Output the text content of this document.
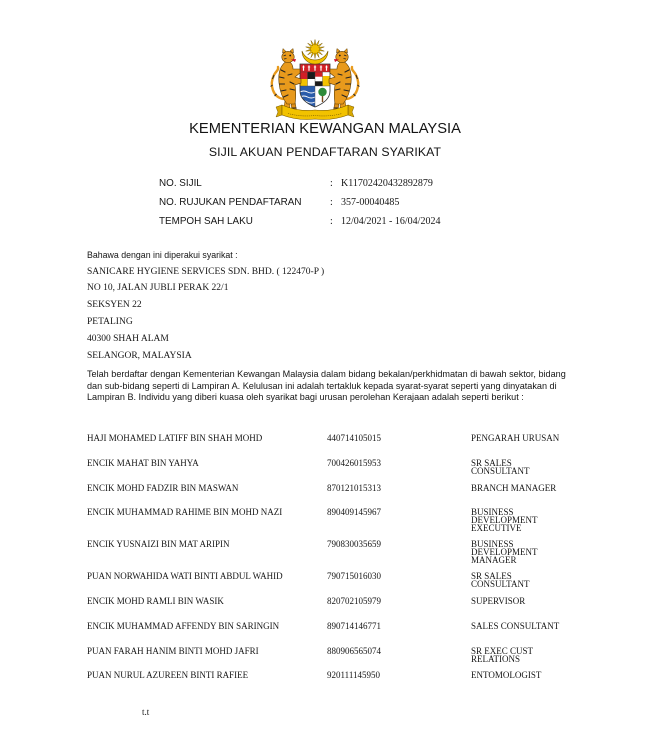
KEMENTERIAN KEWANGAN MALAYSIA
SIJIL AKUAN PENDAFTARAN SYARIKAT
NO. SIJIL	: K11702420432892879
NO. RUJUKAN PENDAFTARAN	: 357-00040485
TEMPOH SAH LAKU	: 12/04/2021 - 16/04/2024
Bahawa dengan ini diperakui syarikat :
SANICARE HYGIENE SERVICES SDN. BHD. ( 122470-P )
NO 10, JALAN JUBLI PERAK 22/1
SEKSYEN 22
PETALING
40300 SHAH ALAM
SELANGOR, MALAYSIA
Telah berdaftar dengan Kementerian Kewangan Malaysia dalam bidang bekalan/perkhidmatan di bawah sektor, bidang
dan sub-bidang seperti di Lampiran A. Kelulusan ini adalah tertakluk kepada syarat-syarat seperti yang dinyatakan di
Lampiran B. Individu yang diberi kuasa oleh syarikat bagi urusan perolehan Kerajaan adalah seperti berikut :
HAJI MOHAMED LATIFF BIN SHAH MOHD	440714105015	PENGARAH URUSAN
ENCIK MAHAT BIN YAHYA	700426015953	SR SALES
CONSULTANT
ENCIK MOHD FADZIR BIN MASWAN	870121015313	BRANCH MANAGER
ENCIK MUHAMMAD RAHIME BIN MOHD NAZI	890409145967	BUSINESS
DEVELOPMENT
EXECUTIVE
ENCIK YUSNAIZI BIN MAT ARIPIN	790830035659	BUSINESS
DEVELOPMENT
MANAGER
PUAN NORWAHIDA WATI BINTI ABDUL WAHID	790715016030	SR SALES
CONSULTANT
ENCIK MOHD RAMLI BIN WASIK	820702105979	SUPERVISOR
ENCIK MUHAMMAD AFFENDY BIN SARINGIN	890714146771	SALES CONSULTANT
PUAN FARAH HANIM BINTI MOHD JAFRI	880906565074	SR EXEC CUST
RELATIONS
PUAN NURUL AZUREEN BINTI RAFIEE	920111145950	ENTOMOLOGIST
t.t
